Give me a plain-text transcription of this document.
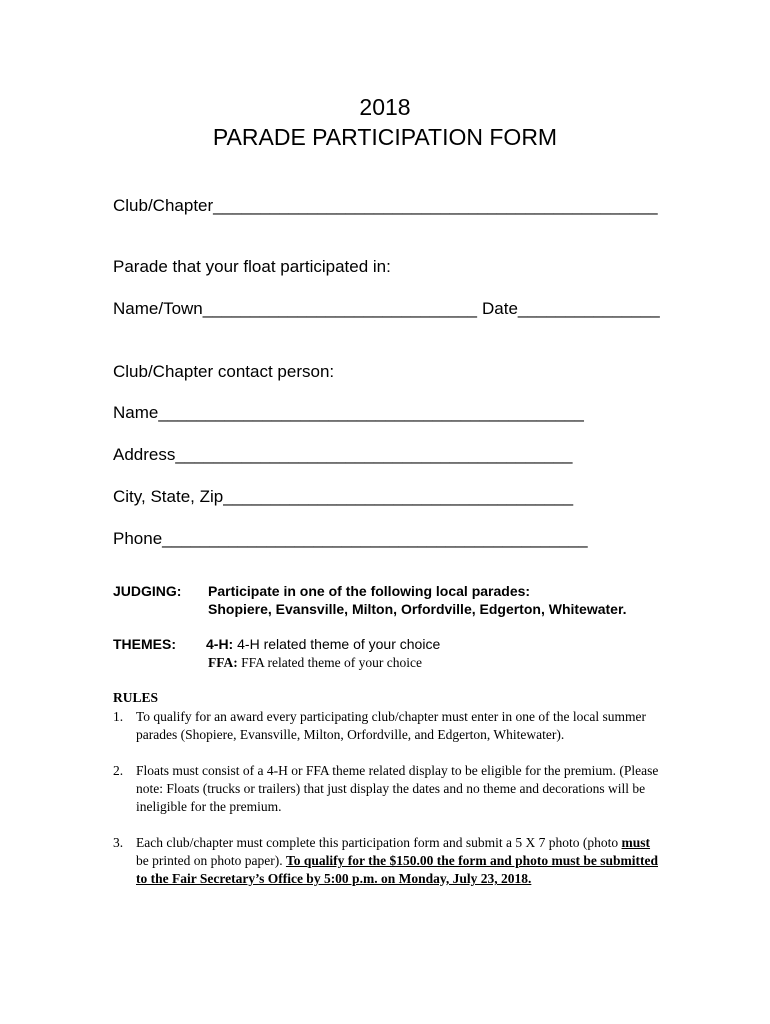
2018
PARADE PARTICIPATION FORM
Club/Chapter_______________________________________________
Parade that your float participated in:
Name/Town_____________________________ Date_______________
Club/Chapter contact person:
Name_____________________________________________
Address__________________________________________
City, State, Zip_____________________________________
Phone_____________________________________________
JUDGING: Participate in one of the following local parades:
Shopiere, Evansville, Milton, Orfordville, Edgerton, Whitewater.
THEMES: 4-H: 4-H related theme of your choice
FFA: FFA related theme of your choice
RULES
1. To qualify for an award every participating club/chapter must enter in one of the local summer
parades (Shopiere, Evansville, Milton, Orfordville, and Edgerton, Whitewater).
2. Floats must consist of a 4-H or FFA theme related display to be eligible for the premium. (Please
note: Floats (trucks or trailers) that just display the dates and no theme and decorations will be
ineligible for the premium.
3. Each club/chapter must complete this participation form and submit a 5 X 7 photo (photo must
be printed on photo paper). To qualify for the $150.00 the form and photo must be submitted
to the Fair Secretary’s Office by 5:00 p.m. on Monday, July 23, 2018.
